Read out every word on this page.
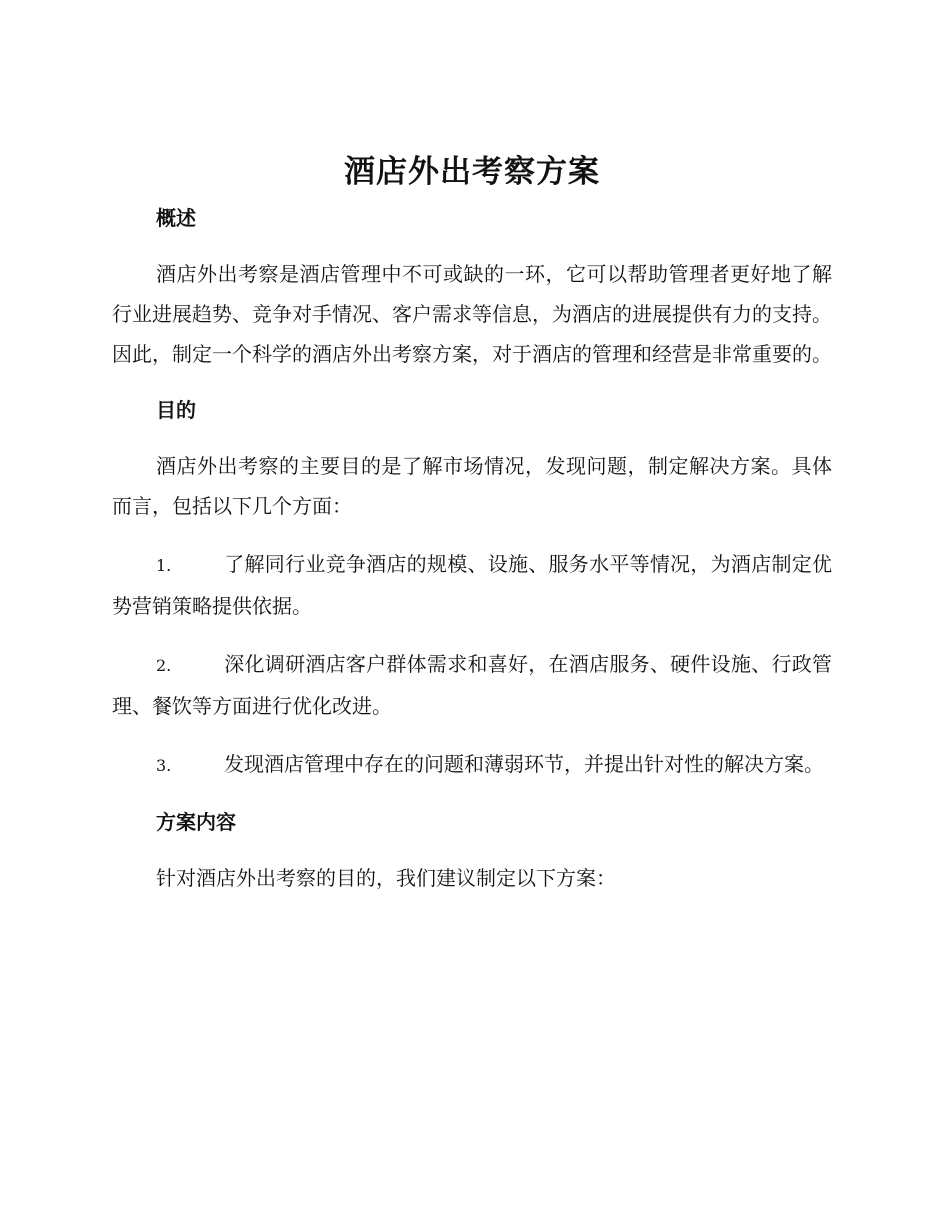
酒店外出考察方案
概述

酒店外出考察是酒店管理中不可或缺的一环，它可以帮助管理者更好地了解行业进展趋势、竞争对手情况、客户需求等信息，为酒店的进展提供有力的支持。因此，制定一个科学的酒店外出考察方案，对于酒店的管理和经营是非常重要的。

目的

酒店外出考察的主要目的是了解市场情况，发现问题，制定解决方案。具体而言，包括以下几个方面：

1.	了解同行业竞争酒店的规模、设施、服务水平等情况，为酒店制定优势营销策略提供依据。

2.	深化调研酒店客户群体需求和喜好，在酒店服务、硬件设施、行政管理、餐饮等方面进行优化改进。

3.	发现酒店管理中存在的问题和薄弱环节，并提出针对性的解决方案。

方案内容

针对酒店外出考察的目的，我们建议制定以下方案：
